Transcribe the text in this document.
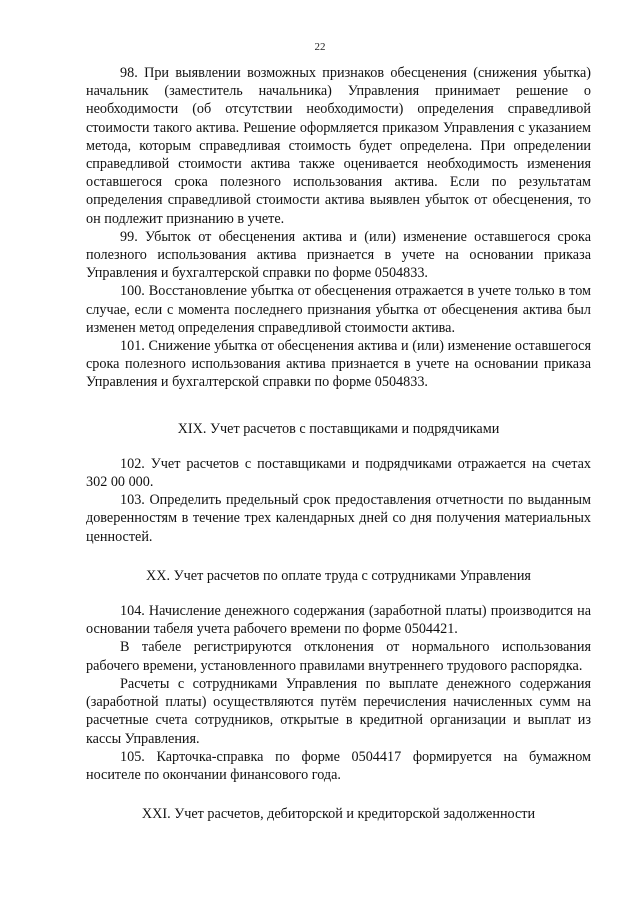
22

98. При выявлении возможных признаков обесценения (снижения убытка) начальник (заместитель начальника) Управления принимает решение о необходимости (об отсутствии необходимости) определения справедливой стоимости такого актива. Решение оформляется приказом Управления с указанием метода, которым справедливая стоимость будет определена. При определении справедливой стоимости актива также оценивается необходимость изменения оставшегося срока полезного использования актива. Если по результатам определения справедливой стоимости актива выявлен убыток от обесценения, то он подлежит признанию в учете.

99. Убыток от обесценения актива и (или) изменение оставшегося срока полезного использования актива признается в учете на основании приказа Управления и бухгалтерской справки по форме 0504833.

100. Восстановление убытка от обесценения отражается в учете только в том случае, если с момента последнего признания убытка от обесценения актива был изменен метод определения справедливой стоимости актива.

101. Снижение убытка от обесценения актива и (или) изменение оставшегося срока полезного использования актива признается в учете на основании приказа Управления и бухгалтерской справки по форме 0504833.

XIX. Учет расчетов с поставщиками и подрядчиками

102. Учет расчетов с поставщиками и подрядчиками отражается на счетах 302 00 000.

103. Определить предельный срок предоставления отчетности по выданным доверенностям в течение трех календарных дней со дня получения материальных ценностей.

XX. Учет расчетов по оплате труда с сотрудниками Управления

104. Начисление денежного содержания (заработной платы) производится на основании табеля учета рабочего времени по форме 0504421.

В табеле регистрируются отклонения от нормального использования рабочего времени, установленного правилами внутреннего трудового распорядка.

Расчеты с сотрудниками Управления по выплате денежного содержания (заработной платы) осуществляются путём перечисления начисленных сумм на расчетные счета сотрудников, открытые в кредитной организации и выплат из кассы Управления.

105. Карточка-справка по форме 0504417 формируется на бумажном носителе по окончании финансового года.

XXI. Учет расчетов, дебиторской и кредиторской задолженности
